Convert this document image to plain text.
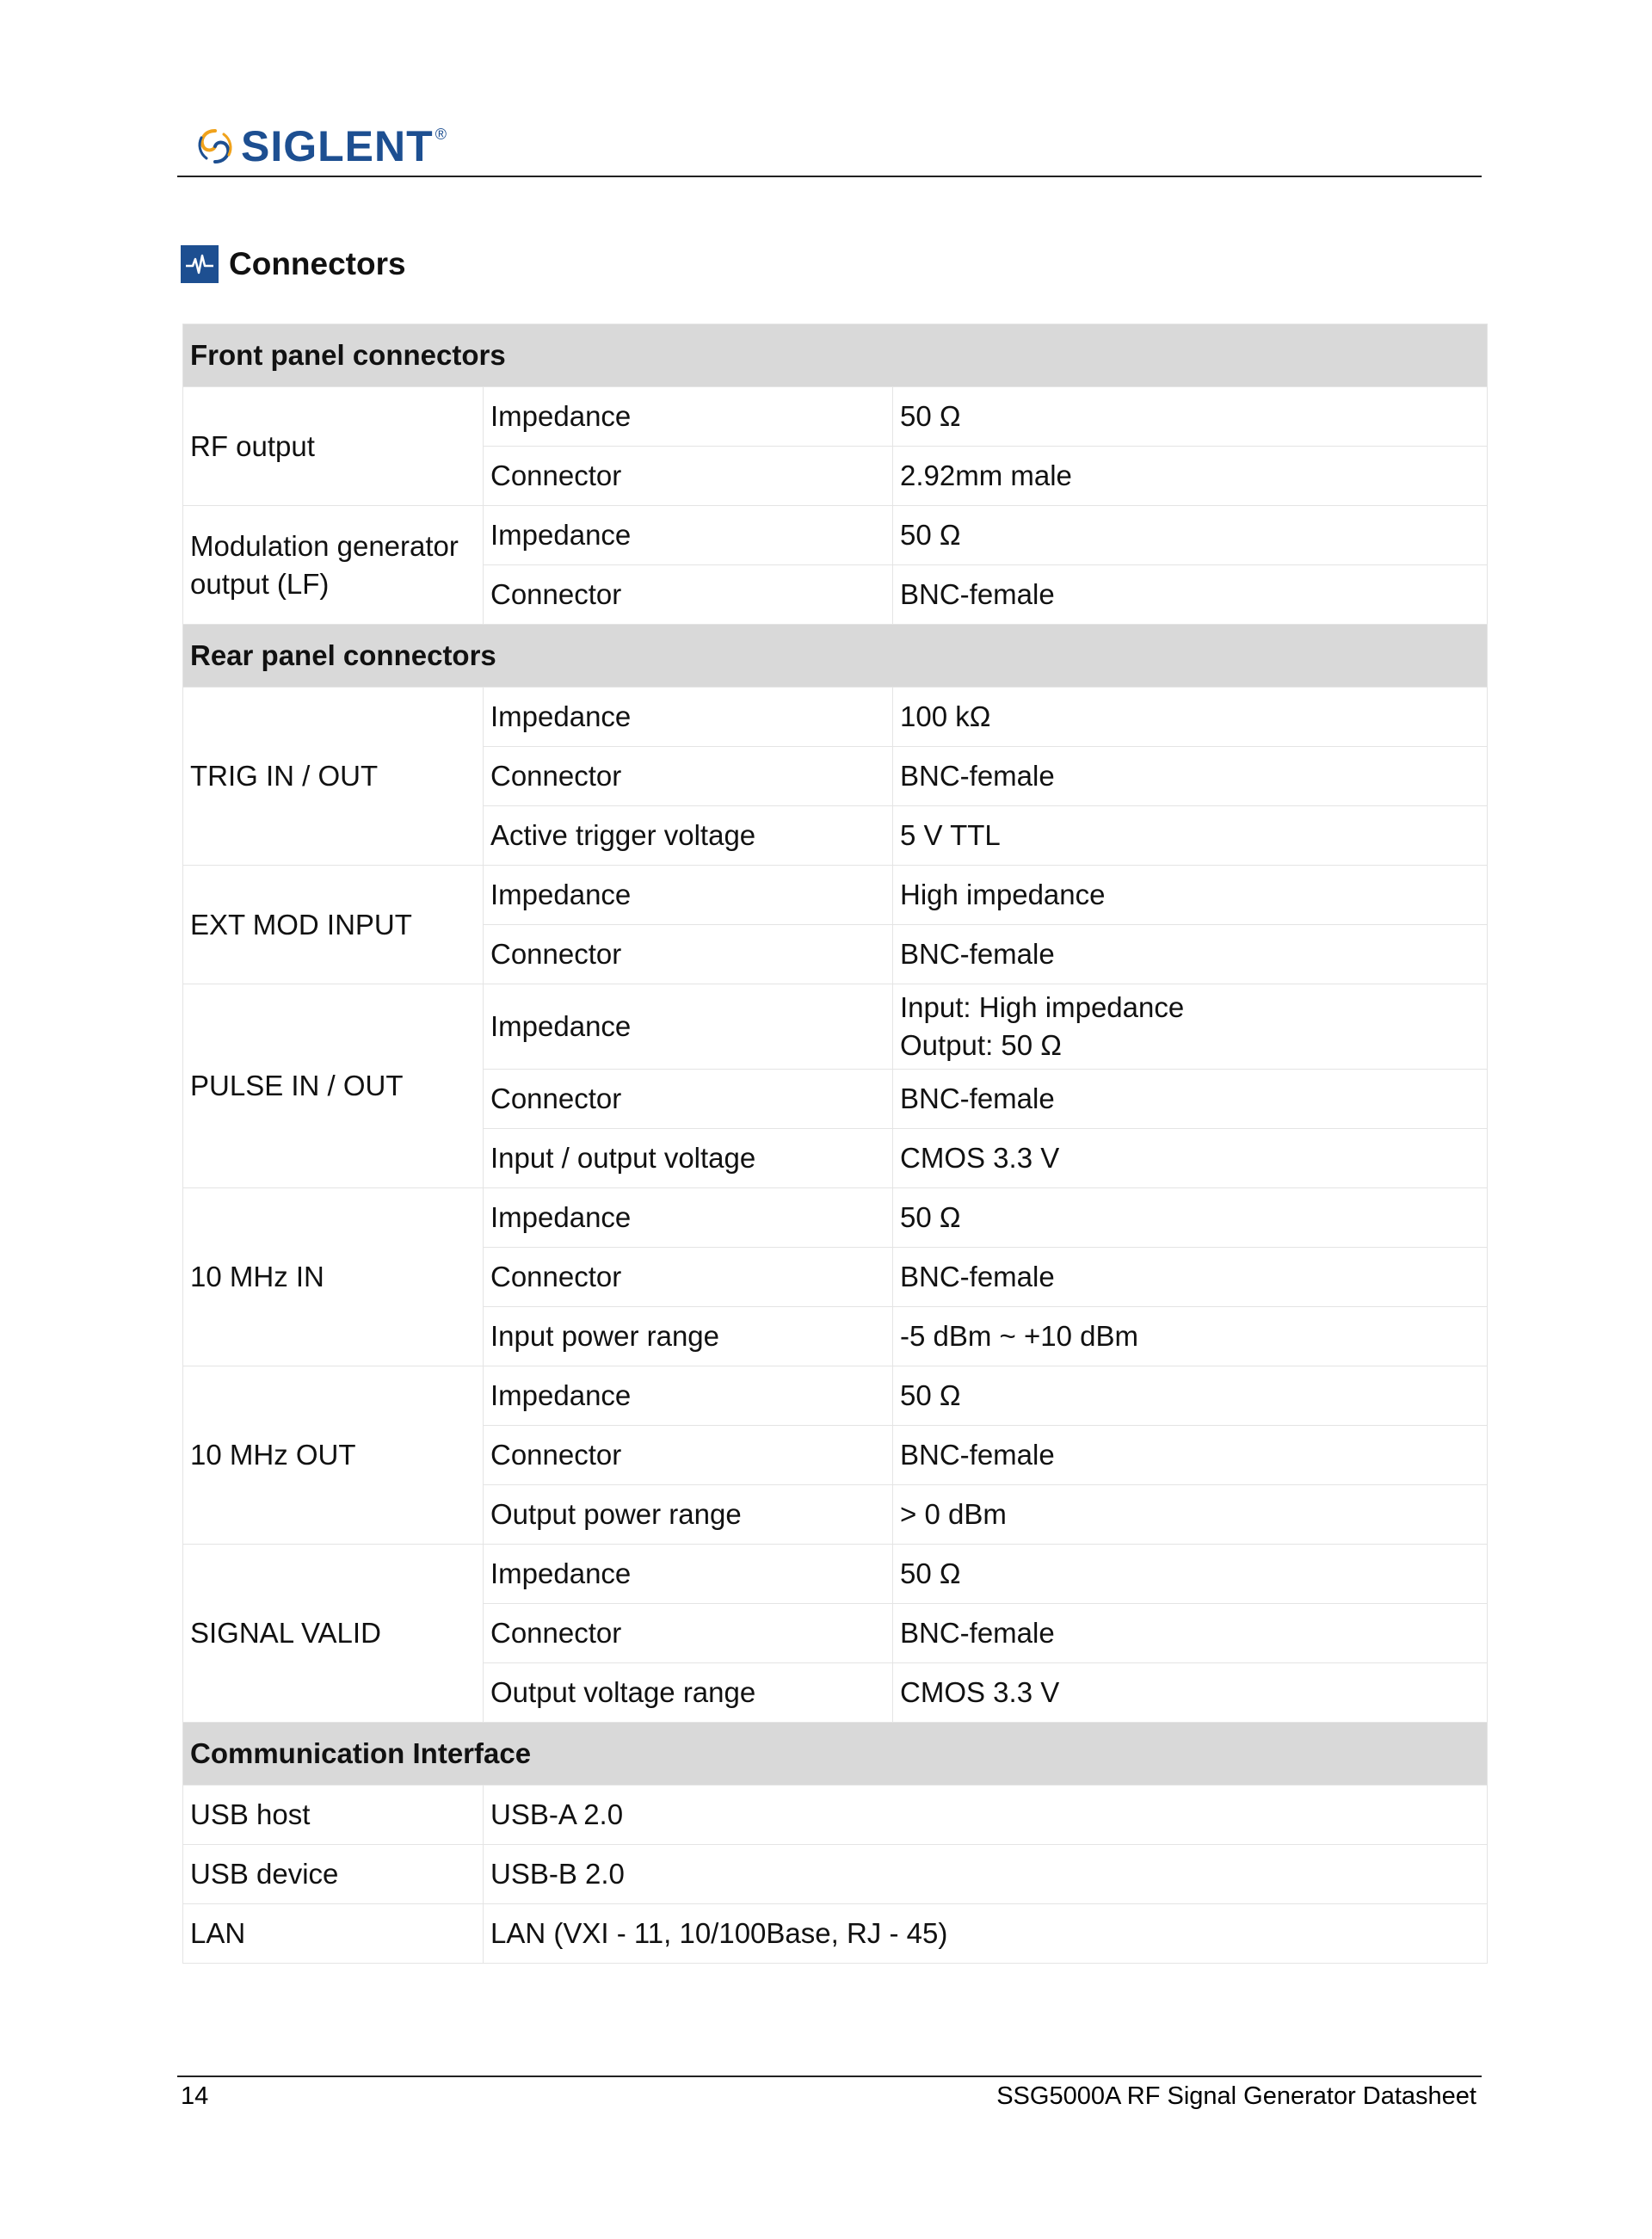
SIGLENT ®
Connectors
Front panel connectors		
RF output	Impedance	50 Ω
	Connector	2.92mm male
Modulation generator output (LF)	Impedance	50 Ω
	Connector	BNC-female
Rear panel connectors		
TRIG IN / OUT	Impedance	100 kΩ
	Connector	BNC-female
	Active trigger voltage	5 V TTL
EXT MOD INPUT	Impedance	High impedance
	Connector	BNC-female
PULSE IN / OUT	Impedance	Input: High impedance
Output: 50 Ω

	Connector	BNC-female
	Input / output voltage	CMOS 3.3 V
10 MHz IN	Impedance	50 Ω
	Connector	BNC-female
	Input power range	-5 dBm ~ +10 dBm
10 MHz OUT	Impedance	50 Ω
	Connector	BNC-female
	Output power range	> 0 dBm
SIGNAL VALID	Impedance	50 Ω
	Connector	BNC-female
	Output voltage range	CMOS 3.3 V
Communication Interface		
USB host	USB-A 2.0	
USB device	USB-B 2.0	
LAN	LAN (VXI - 11, 10/100Base, RJ - 45)	
14	SSG5000A RF Signal Generator Datasheet
